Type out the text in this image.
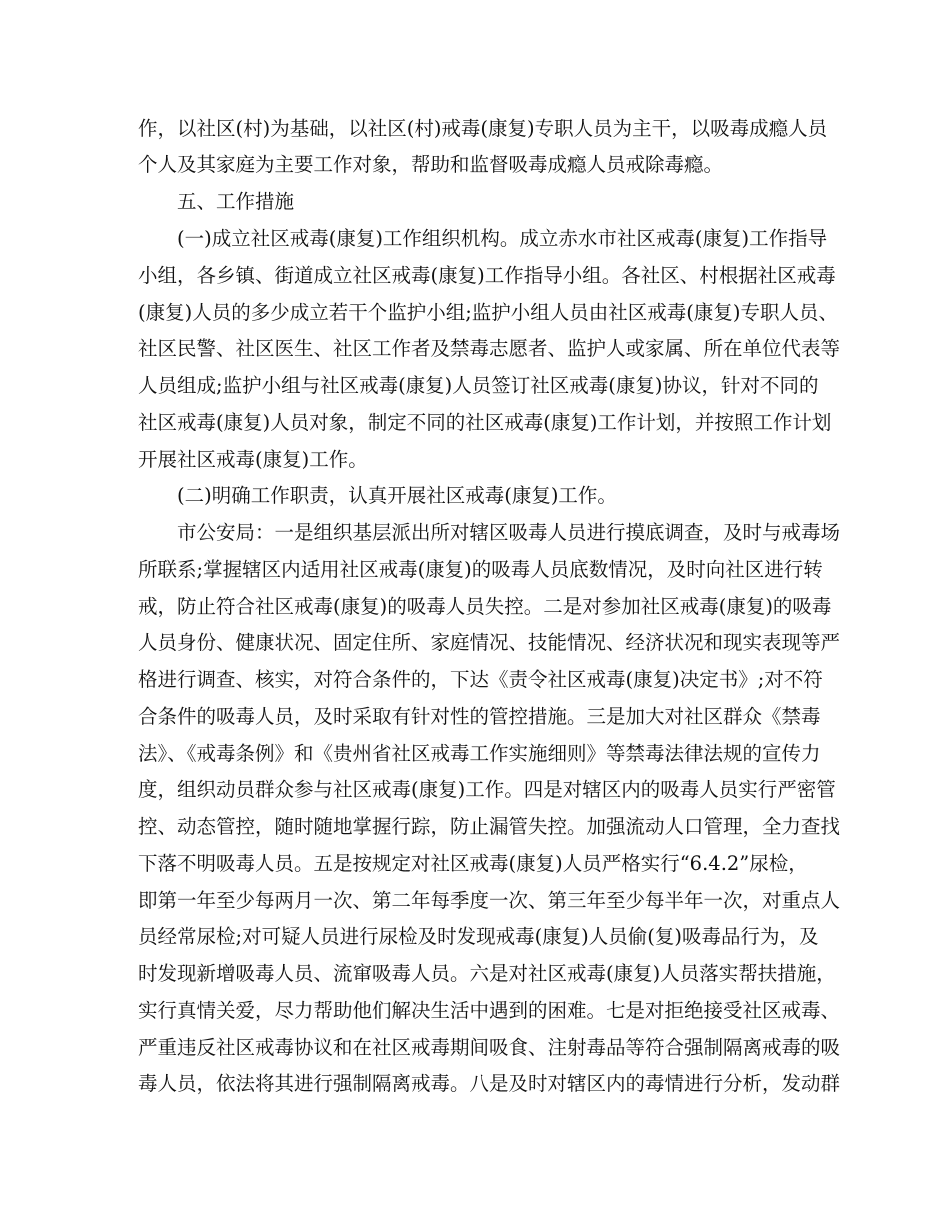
作，以社区(村)为基础，以社区(村)戒毒(康复)专职人员为主干，以吸毒成瘾人员
个人及其家庭为主要工作对象，帮助和监督吸毒成瘾人员戒除毒瘾。
五、工作措施
(一)成立社区戒毒(康复)工作组织机构。成立赤水市社区戒毒(康复)工作指导
小组，各乡镇、街道成立社区戒毒(康复)工作指导小组。各社区、村根据社区戒毒
(康复)人员的多少成立若干个监护小组;监护小组人员由社区戒毒(康复)专职人员、
社区民警、社区医生、社区工作者及禁毒志愿者、监护人或家属、所在单位代表等
人员组成;监护小组与社区戒毒(康复)人员签订社区戒毒(康复)协议，针对不同的
社区戒毒(康复)人员对象，制定不同的社区戒毒(康复)工作计划，并按照工作计划
开展社区戒毒(康复)工作。
(二)明确工作职责，认真开展社区戒毒(康复)工作。
市公安局：一是组织基层派出所对辖区吸毒人员进行摸底调查，及时与戒毒场
所联系;掌握辖区内适用社区戒毒(康复)的吸毒人员底数情况，及时向社区进行转
戒，防止符合社区戒毒(康复)的吸毒人员失控。二是对参加社区戒毒(康复)的吸毒
人员身份、健康状况、固定住所、家庭情况、技能情况、经济状况和现实表现等严
格进行调查、核实，对符合条件的，下达《责令社区戒毒(康复)决定书》;对不符
合条件的吸毒人员，及时采取有针对性的管控措施。三是加大对社区群众《禁毒
法》、《戒毒条例》和《贵州省社区戒毒工作实施细则》等禁毒法律法规的宣传力
度，组织动员群众参与社区戒毒(康复)工作。四是对辖区内的吸毒人员实行严密管
控、动态管控，随时随地掌握行踪，防止漏管失控。加强流动人口管理，全力查找
下落不明吸毒人员。五是按规定对社区戒毒(康复)人员严格实行“6.4.2”尿检，
即第一年至少每两月一次、第二年每季度一次、第三年至少每半年一次，对重点人
员经常尿检;对可疑人员进行尿检及时发现戒毒(康复)人员偷(复)吸毒品行为，及
时发现新增吸毒人员、流窜吸毒人员。六是对社区戒毒(康复)人员落实帮扶措施，
实行真情关爱，尽力帮助他们解决生活中遇到的困难。七是对拒绝接受社区戒毒、
严重违反社区戒毒协议和在社区戒毒期间吸食、注射毒品等符合强制隔离戒毒的吸
毒人员，依法将其进行强制隔离戒毒。八是及时对辖区内的毒情进行分析，发动群
